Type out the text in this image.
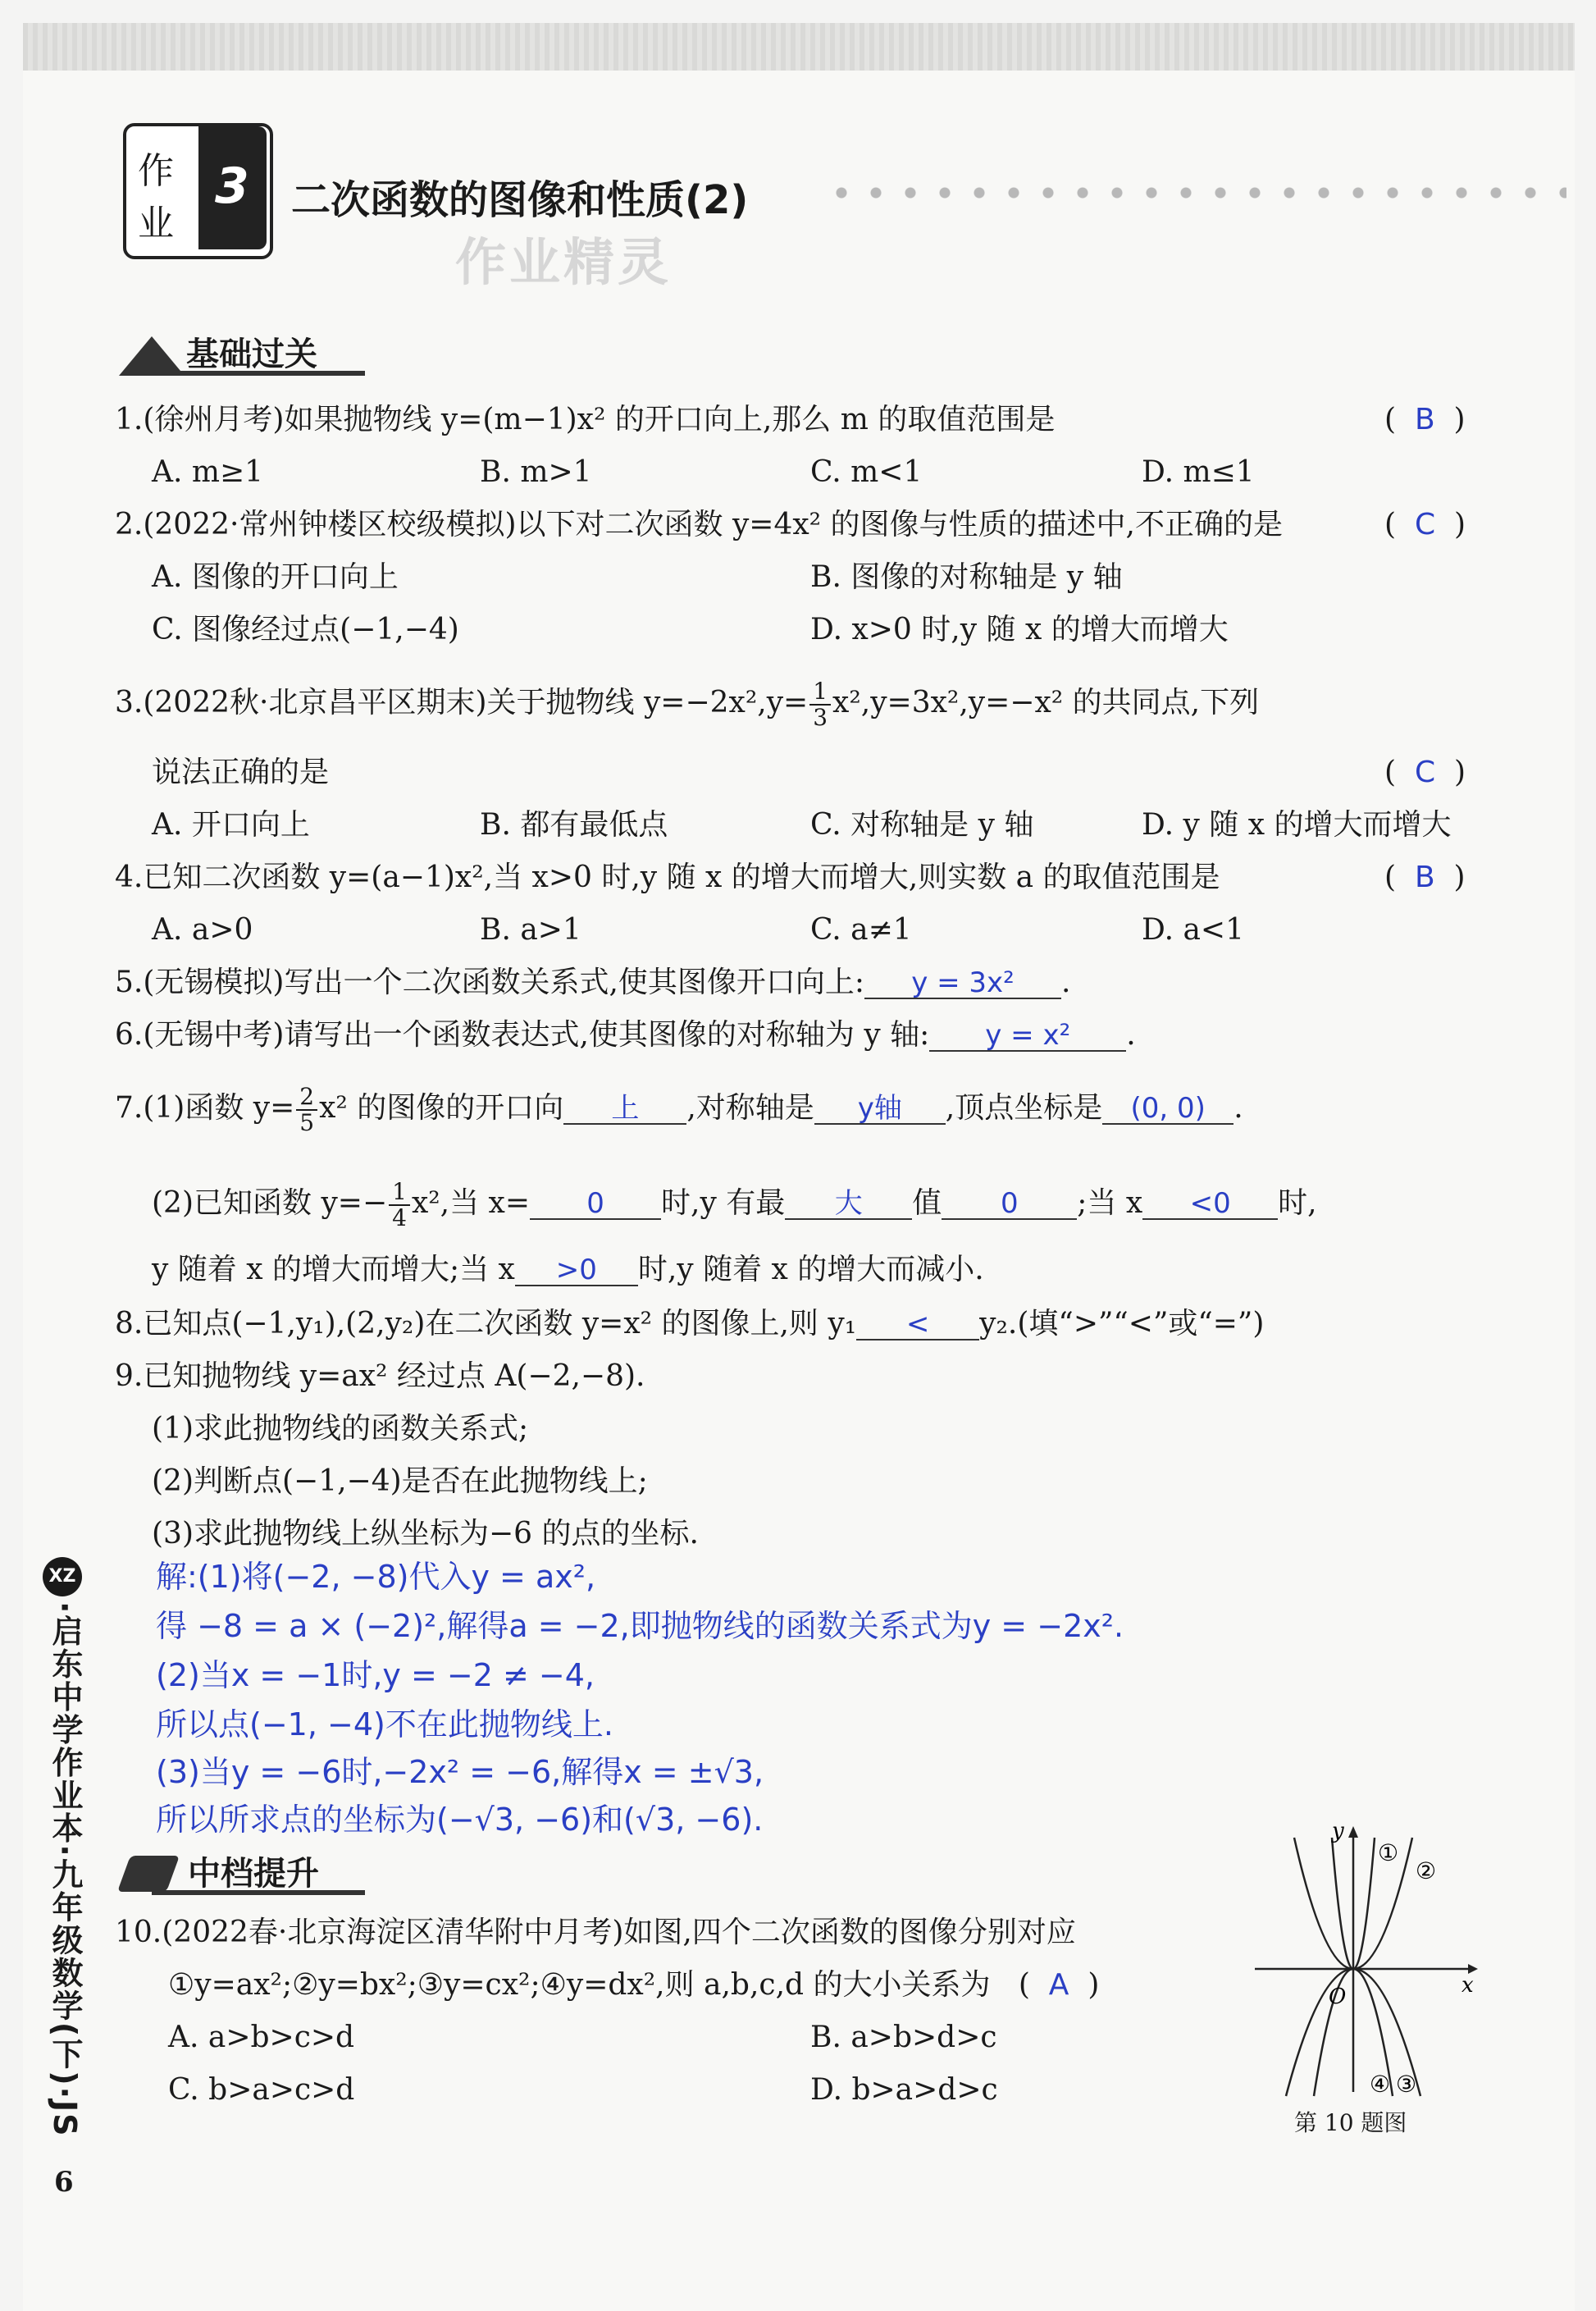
作
业
3 二次函数的图像和性质(2)
作业精灵
基础过关
1.(徐州月考)如果抛物线 y=(m−1)x² 的开口向上,那么 m 的取值范围是	(  B  )
A. m≥1	B. m>1	C. m<1	D. m≤1
2.(2022·常州钟楼区校级模拟)以下对二次函数 y=4x² 的图像与性质的描述中,不正确的是	(  C  )
A. 图像的开口向上	B. 图像的对称轴是 y 轴
C. 图像经过点(−1,−4)	D. x>0 时,y 随 x 的增大而增大
3.(2022秋·北京昌平区期末)关于抛物线 $y=-2x^2,y= \frac{1}{3} x^2,y=3x^2,y=-x^2$ 的共同点,下列
说法正确的是	(  C  )
A. 开口向上	B. 都有最低点	C. 对称轴是 y 轴	D. y 随 x 的增大而增大
4.已知二次函数 y=(a−1)x²,当 x>0 时,y 随 x 的增大而增大,则实数 a 的取值范围是	(  B  )
A. a>0	B. a>1	C. a≠1	D. a<1
5.(无锡模拟)写出一个二次函数关系式,使其图像开口向上: y = 3x² .
6.(无锡中考)请写出一个函数表达式,使其图像的对称轴为 y 轴: y = x² .
7.(1)函数 $y= \frac{2}{5} x^2$ 的图像的开口向 上 ,对称轴是 y轴 ,顶点坐标是 (0, 0) .
(2)已知函数 $y=- \frac{1}{4} x^2$,当 x= 0 时,y 有最 大 值 0 ;当 x <0 时,
y 随着 x 的增大而增大;当 x >0 时,y 随着 x 的增大而减小.
8.已知点(−1,y₁),(2,y₂)在二次函数 y=x² 的图像上,则 y₁ < y₂.(填“>”“<”或“=”)
9.已知抛物线 y=ax² 经过点 A(−2,−8).
(1)求此抛物线的函数关系式;
(2)判断点(−1,−4)是否在此抛物线上;
(3)求此抛物线上纵坐标为−6 的点的坐标.
解:(1)将(−2, −8)代入y = ax²,
得 −8 = a × (−2)²,解得a = −2,即抛物线的函数关系式为y = −2x².
(2)当x = −1时,y = −2 ≠ −4,
所以点(−1, −4)不在此抛物线上.
(3)当y = −6时,−2x² = −6,解得x = ±√3,
所以所求点的坐标为(−√3, −6)和(√3, −6).
中档提升
10.(2022春·北京海淀区清华附中月考)如图,四个二次函数的图像分别对应
①y=ax²;②y=bx²;③y=cx²;④y=dx²,则 a,b,c,d 的大小关系为   (  A  )
A. a>b>c>d	B. a>b>d>c
C. b>a>c>d	D. b>a>d>c
y
x
O
①
②
④ ③
第 10 题图
XZ
·启东中学作业本·九年级数学(下)·JS
6
